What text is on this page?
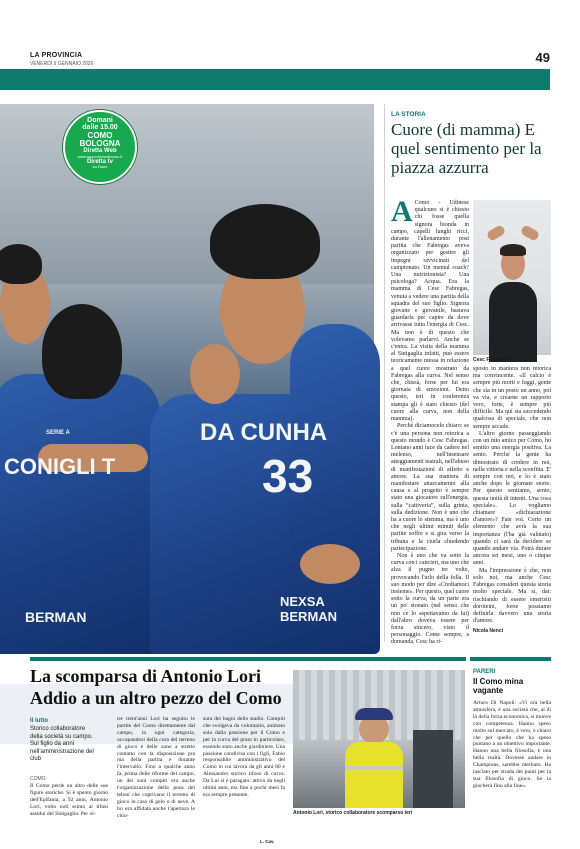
LA PROVINCIA
VENERDÌ 9 GENNAIO 2026	49
DA CUNHA
33
CONIGLI T
BERMAN
NEXSA BERMAN
SERIE A
Domani
dalle 15.00
COMO
BOLOGNA
Diretta Web
www.laprovinciadicomo.it
Diretta tv
su Dazn
LA STORIA
Cuore (di mamma) E quel sentimento per la piazza azzurra
A Como - Udinese qualcuno si è chiesto chi fosse quella signora bionda in campo, capelli lunghi ricci, durante l'allenamento post partita che Fabregas aveva organizzato per gestire gli impegni ravvicinati del campionato. Un mental coach? Una nutrizionista? Una psicologa? Acqua. Era la mamma di Cesc Fabregas, venuta a vedere una partita della squadra del suo figlio. Signora giovane e giovanile, bastava guardarla per capire da dove arrivasse tutta l'energia di Cesc. Ma non è di questo che volevamo parlarvi. Anche se c'entra. La visita della mamma al Sinigaglia infatti, può essere teoricamente messa in relazione a quel cuore mostrato da Fabregas alla curva. Nel senso che, chissà, forse per lui era giornata di emozioni. Detto questo, ieri in conferenza stampa gli è stato chiesto (del cuore alla curva, non della mamma).

Perché diciamocelo chiaro: se c'è una persona non retorica a questo mondo è Cesc Fabregas. Lontano anni luce da cadere nel melenso, nell'insensare atteggiamenti teatrali, nell'abuso di manifestazioni di affetto e amore. La sua maniera di manifestare attaccamento alla causa e al progetto è sempre stato una giocatore sull'energia, sulla “cattiveria”, sulla grinta, sulla dedizione. Non è uno che ha a cuore lo stemma, ma è uno che negli ultimi minuti delle partite soffre e si gira verso la tribuna e la ciurla chiedendo partecipazione.

Non è uno che va sotto la curva con i cancieri, ma uno che alza il pugno tre volte, provocando l'urlo della folla. Il suo modo per dire «Crediamoci insieme». Per questo, quel cuore sotto la curva, da un parte era un po' stonato (nel senso che non ce lo aspettavamo da lui) dall'altro doveva essere per forza sincero, visto il personaggio. Come sempre, a domanda, Cesc ha ri-

Cesc Fabregas

sposto in maniera non retorica ma convincente. «Il calcio è sempre più morti e fuggi, gente che sta in un posto un anno, poi va via, e crearne un rapporto vero, forte, è sempre più difficile. Ma qui sta succedendo qualcosa di speciale, che non sempre accade.

L'altro giorno passeggiando con un mio amico per Como, ho sentito una energia positiva. La sento. Perché la gente ha dimostrato di credere in noi, nella vittoria e nella sconfitta. E' sempre con noi, e lo è stato anche dopo le giornate storte. Per questo sentiamo, sento, questa unità di intenti. Una cosa speciale». Lo vogliamo chiamare «dichiarazione d'amore»? Fate voi. Certo un elemento che avrà la sua importanza (l'ha già valutato) quando ci sarà da decidere se quando andare via. Potrà durare ancora sei mesi, uno o cinque anni.

Ma l'impressione è che, non solo noi, ma anche Cesc Fabregas consideri questa storia molto speciale. Ma sì, dai: rischiando di essere emerisiti doroteini, forse possiamo definirla davvero una storia d'amore.

Nicola Nenci
La scomparsa di Antonio Lori
Addio a un altro pezzo del Como
Il lutto
Storico collaboratore della società su campo. Sul figlio da anni nell'amministrazione del club
COMO
Il Como perde un altro delle sue figure storiche. Si è spento giorno dell'Epifania, a 92 anni, Antonio Lori, volto noti ssimo ai tifosi assidui del Sinigaglia. Per ol-
tre trent'anni Lori ha seguito le partite del Como direttamente dal campo, in ogni categoria, occupandosi della cura del terreno di gioco e delle zone a stretto contatto con la disposizione pra ma della partita e durante l'intervallo. Fino a qualche anno fa, prima delle riforme del campo, un dei suoi compiti era anche l'organizzazione della posa dei teloni che coprivano il terreno di gioco in caso di gelo o di neve. A lui era affidata anche l'apertura le chiu-
sura dei bagni dello stadio. Compiti che svolgeva da volontario, animato solo dalla passione per il Como e per la curva del prato in particolare, essendo stato anche giardiniere. Una passione condivisa con i figli, Fabio responsabile amministrativo del Como in cui lavora da gli anni 80 e Alessandro storico tifoso di curva. Da Lui si è paragato: attivo da negli ultimi anni, ma fino a pochi mesi fa era sempre presente.
L. Cav.
Antonio Lori, storico collaboratore scomparso ieri
PARERI
Il Como mina vagante
Arturo Di Napoli: «Vi ora bella atmosfera, è una società che, al di là della forza economica, si muove con competenza. Hanno speso molto sul mercato, è vero, è chiaro che per quello che ha speso puntano a un obiettivo importante. Hanno una bella filosofia, è una bella realtà. Dovesse andare in Champions, sarebbe meritato. Ha lasciato per strada dei punti per la sua filosofia di gioco. Se la giocherà fino alla fine».
